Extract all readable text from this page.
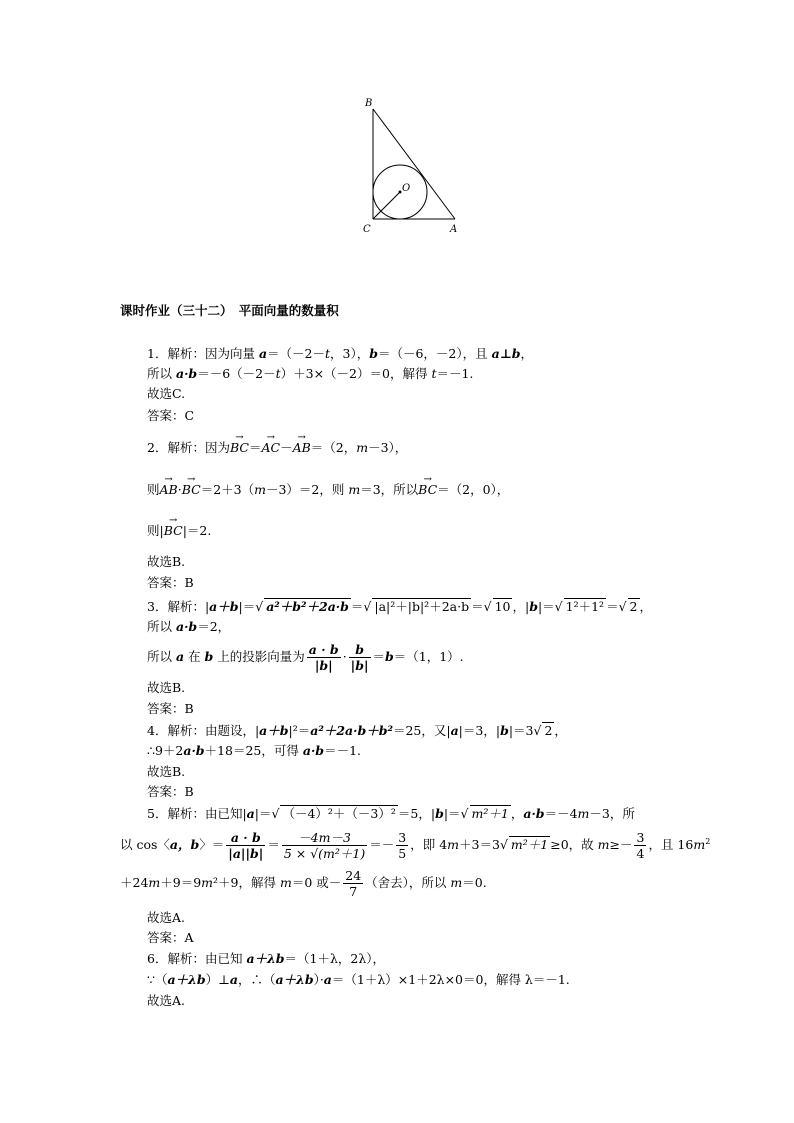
B
O
C	A
课时作业（三十二）　平面向量的数量积
1．解析：因为向量 a＝（－2－t，3），b＝（－6，－2），且 a⊥b，
所以 a·b＝－6（－2－t）＋3×（－2）＝0，解得 t＝－1.
故选C.
答案：C
2．解析：因为→ BC＝→ AC－→ AB＝（2，m－3），
则→ AB·→ BC＝2＋3（m－3）＝2，则 m＝3，所以→ BC＝（2，0），
则|→ BC|＝2.
故选B.
答案：B
3．解析：|a＋b|＝√ a²＋b²＋2a·b ＝√ |a|²＋|b|²＋2a·b ＝√ 10 ，|b|＝√ 1²＋1² ＝√ 2 ，
所以 a·b＝2，
所以 a 在 b 上的投影向量为 $\frac{a \cdot b}{|b|} \cdot \frac{b}{|b|} =b=(1$，1）.
故选B.
答案：B
4．解析：由题设，|a＋b|²＝a²＋2a·b＋b²＝25，又|a|＝3，|b|＝3√ 2 ，
∴9＋2a·b＋18＝25，可得 a·b＝－1.
故选B.
答案：B
5．解析：由已知|a|＝√ （－4）²＋（－3）² ＝5，|b|＝√ m²＋1 ，a·b＝－4m－3，所
以 cos〈a，b〉＝ $\frac{a \cdot b}{|a||b|} = \frac{-4m-3}{\text{5 × √(m²＋1)}} =- \frac{3}{5}$ ，即 4m＋3＝3√ m²＋1 ≥0，故 $m\ge- \frac{3}{4}$ ，且 $16m^2$
＋24m＋9＝9m²＋9，解得 m＝0 或－ $\frac{24}{7}$ （舍去），所以 m＝0.
故选A.
答案：A
6．解析：由已知 a＋λb＝（1＋λ，2λ），
∵（a＋λb）⊥a，∴（a＋λb）·a＝（1＋λ）×1＋2λ×0＝0，解得 λ＝－1.
故选A.
